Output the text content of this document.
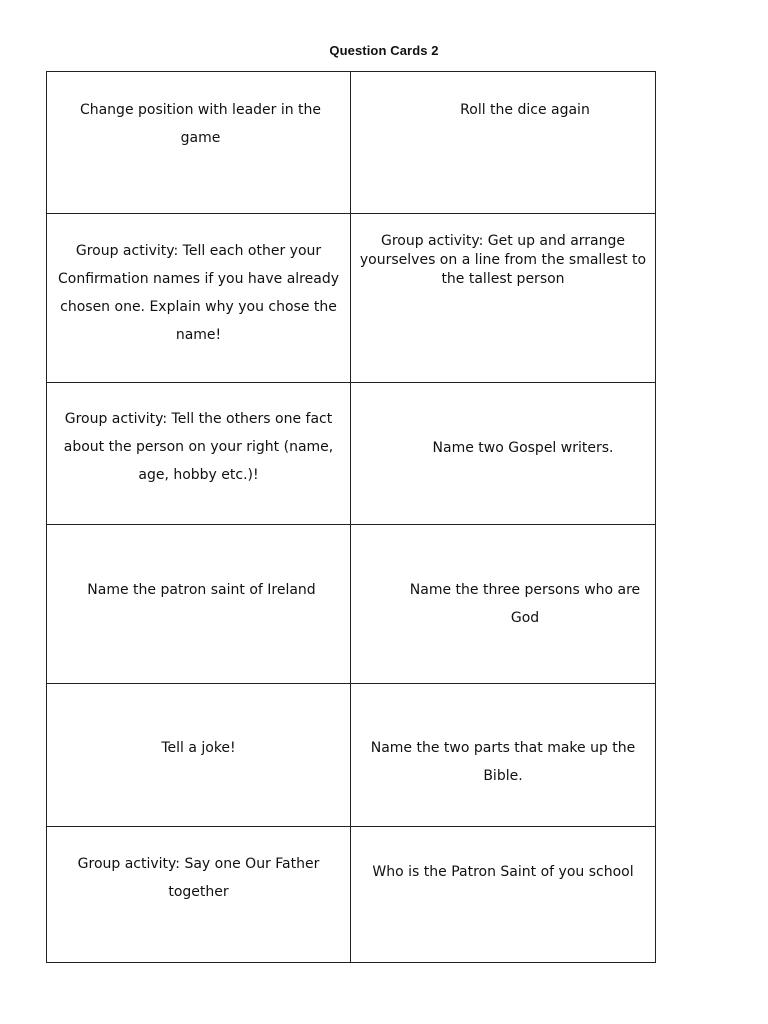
Question Cards 2
Change position with leader in the game	Roll the dice again

Group activity: Tell each other your Confirmation names if you have already chosen one. Explain why you chose the name!	Group activity: Get up and arrange yourselves on a line from the smallest to the tallest person

Group activity: Tell the others one fact about the person on your right (name, age, hobby etc.)!	Name two Gospel writers.

Name the patron saint of Ireland	Name the three persons who are God

Tell a joke!	Name the two parts that make up the Bible.

Group activity: Say one Our Father together	Who is the Patron Saint of you school
